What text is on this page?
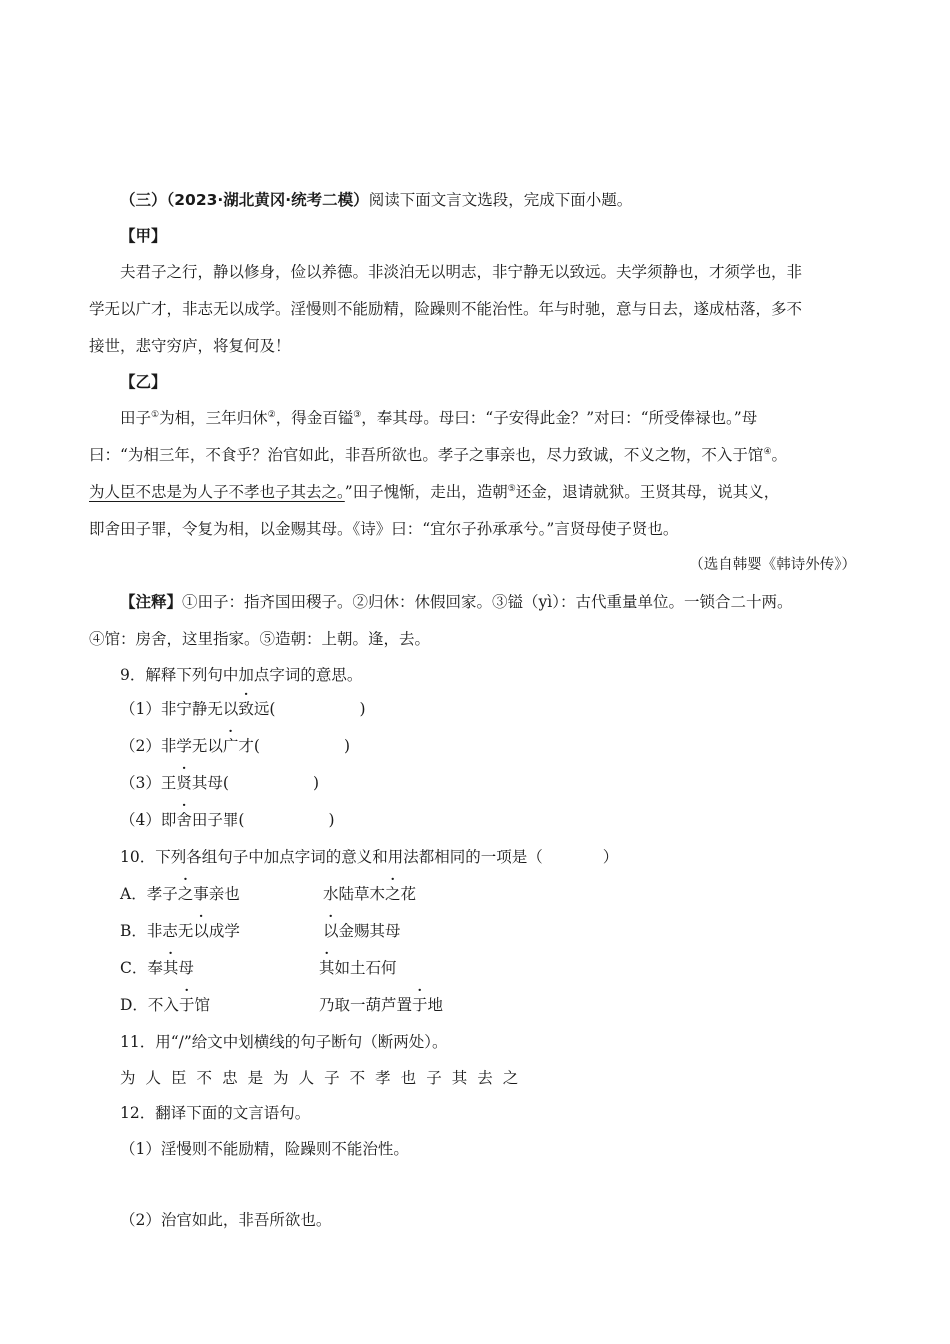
（三）（2023·湖北黄冈·统考二模）阅读下面文言文选段，完成下面小题。
【甲】
夫君子之行，静以修身，俭以养德。非淡泊无以明志，非宁静无以致远。夫学须静也，才须学也，非
学无以广才，非志无以成学。淫慢则不能励精，险躁则不能治性。年与时驰，意与日去，遂成枯落，多不
接世，悲守穷庐，将复何及！
【乙】
田子①为相，三年归休②，得金百镒③，奉其母。母曰：“子安得此金？”对曰：“所受俸禄也。”母
曰：“为相三年，不食乎？治官如此，非吾所欲也。孝子之事亲也，尽力致诚，不义之物，不入于馆④。
为人臣不忠是为人子不孝也子其去之。”田子愧惭，走出，造朝⑤还金，退请就狱。王贤其母，说其义，
即舍田子罪，令复为相，以金赐其母。《诗》曰：“宜尔子孙承承兮。”言贤母使子贤也。
（选自韩婴《韩诗外传》）
【注释】①田子：指齐国田稷子。②归休：休假回家。③镒（yì）：古代重量单位。一锁合二十两。
④馆：房舍，这里指家。⑤造朝：上朝。逢，去。
9．解释下列句中加点字词的意思。
（1）非宁静无以致远(	)
（2）非学无以广才(	)
（3）王贤其母(	)
（4）即舍田子罪(	)
10．下列各组句子中加点字词的意义和用法都相同的一项是（	）
A．孝子之事亲也	水陆草木之花
B．非志无以成学	以金赐其母
C．奉其母	其如土石何
D．不入于馆	乃取一葫芦置于地
11．用“/”给文中划横线的句子断句（断两处）。
为 人 臣 不 忠 是 为 人 子 不 孝 也 子 其 去 之
12．翻译下面的文言语句。
（1）淫慢则不能励精，险躁则不能治性。
（2）治官如此，非吾所欲也。
